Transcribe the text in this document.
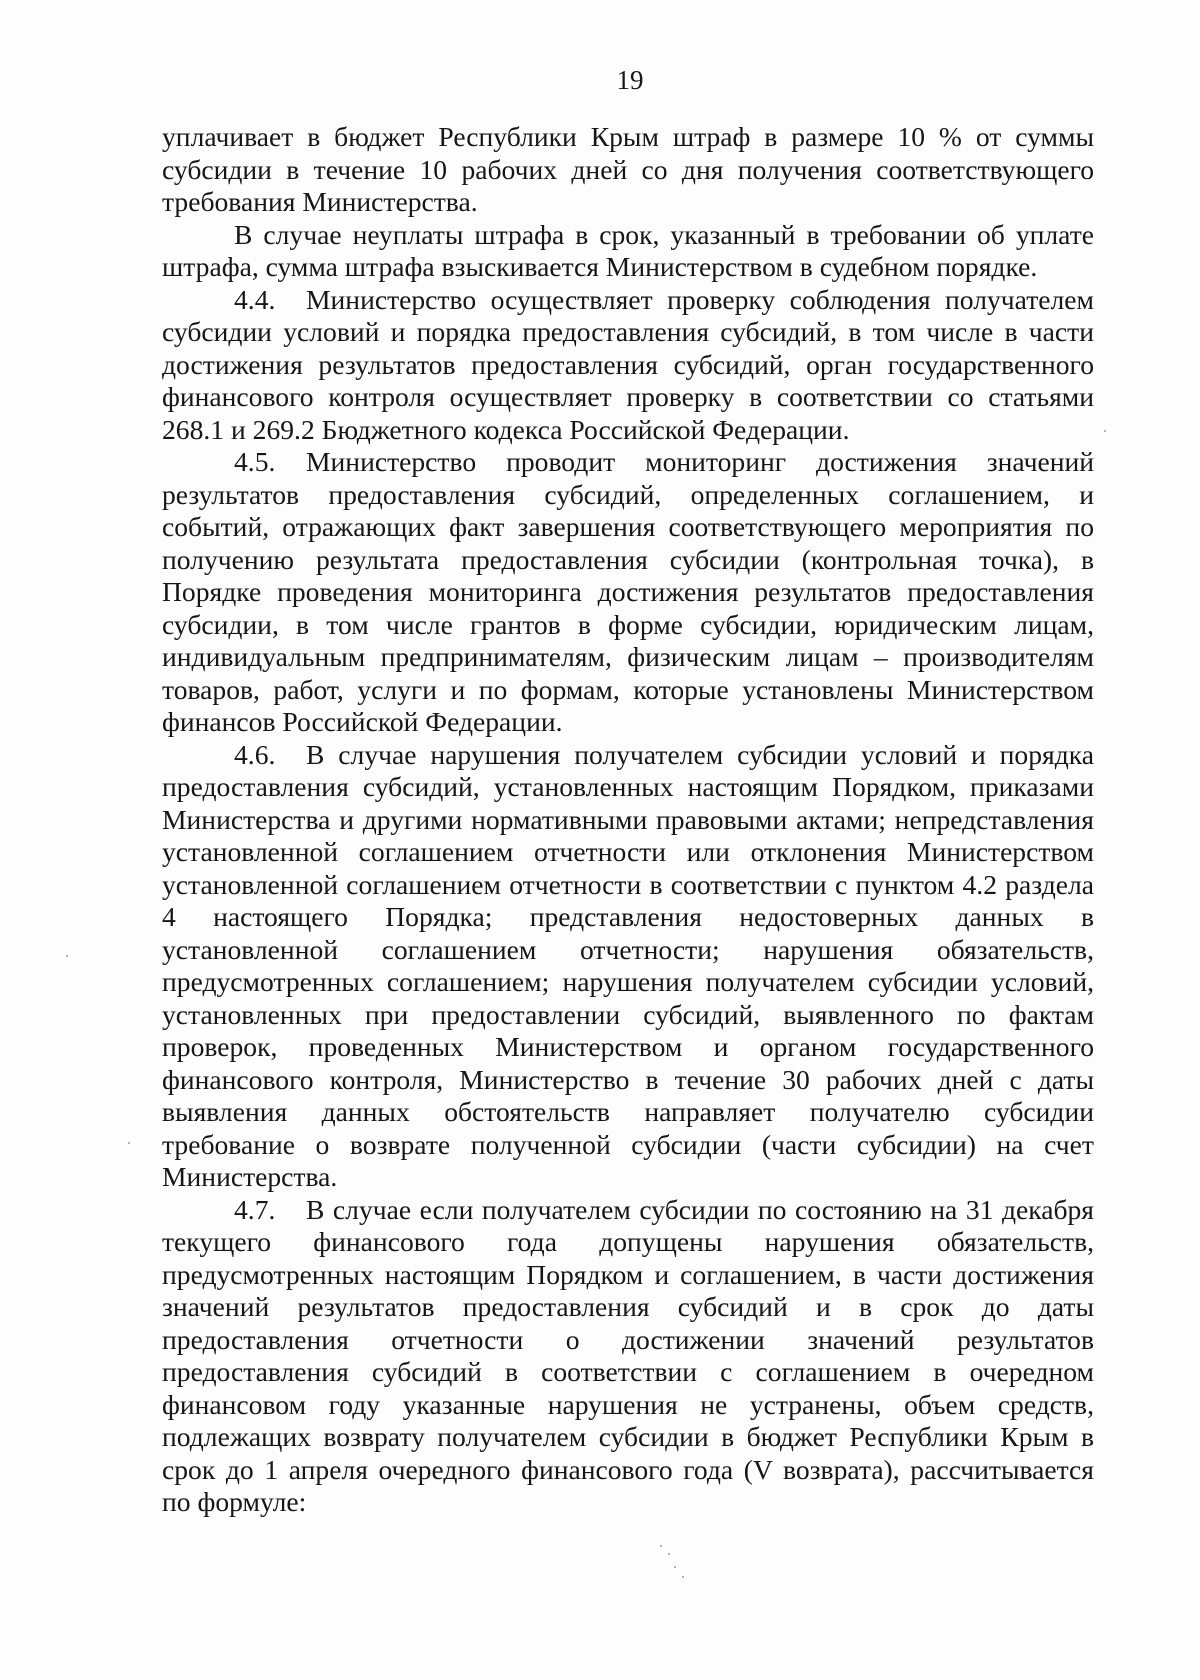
19

уплачивает в бюджет Республики Крым штраф в размере 10 % от суммы субсидии в течение 10 рабочих дней со дня получения соответствующего требования Министерства.

В случае неуплаты штрафа в срок, указанный в требовании об уплате штрафа, сумма штрафа взыскивается Министерством в судебном порядке.

4.4. Министерство осуществляет проверку соблюдения получателем субсидии условий и порядка предоставления субсидий, в том числе в части достижения результатов предоставления субсидий, орган государственного финансового контроля осуществляет проверку в соответствии со статьями 268.1 и 269.2 Бюджетного кодекса Российской Федерации.

4.5. Министерство проводит мониторинг достижения значений результатов предоставления субсидий, определенных соглашением, и событий, отражающих факт завершения соответствующего мероприятия по получению результата предоставления субсидии (контрольная точка), в Порядке проведения мониторинга достижения результатов предоставления субсидии, в том числе грантов в форме субсидии, юридическим лицам, индивидуальным предпринимателям, физическим лицам – производителям товаров, работ, услуги и по формам, которые установлены Министерством финансов Российской Федерации.

4.6. В случае нарушения получателем субсидии условий и порядка предоставления субсидий, установленных настоящим Порядком, приказами Министерства и другими нормативными правовыми актами; непредставления установленной соглашением отчетности или отклонения Министерством установленной соглашением отчетности в соответствии с пунктом 4.2 раздела 4 настоящего Порядка; представления недостоверных данных в установленной соглашением отчетности; нарушения обязательств, предусмотренных соглашением; нарушения получателем субсидии условий, установленных при предоставлении субсидий, выявленного по фактам проверок, проведенных Министерством и органом государственного финансового контроля, Министерство в течение 30 рабочих дней с даты выявления данных обстоятельств направляет получателю субсидии требование о возврате полученной субсидии (части субсидии) на счет Министерства.

4.7. В случае если получателем субсидии по состоянию на 31 декабря текущего финансового года допущены нарушения обязательств, предусмотренных настоящим Порядком и соглашением, в части достижения значений результатов предоставления субсидий и в срок до даты предоставления отчетности о достижении значений результатов предоставления субсидий в соответствии с соглашением в очередном финансовом году указанные нарушения не устранены, объем средств, подлежащих возврату получателем субсидии в бюджет Республики Крым в срок до 1 апреля очередного финансового года (V возврата), рассчитывается по формуле:
